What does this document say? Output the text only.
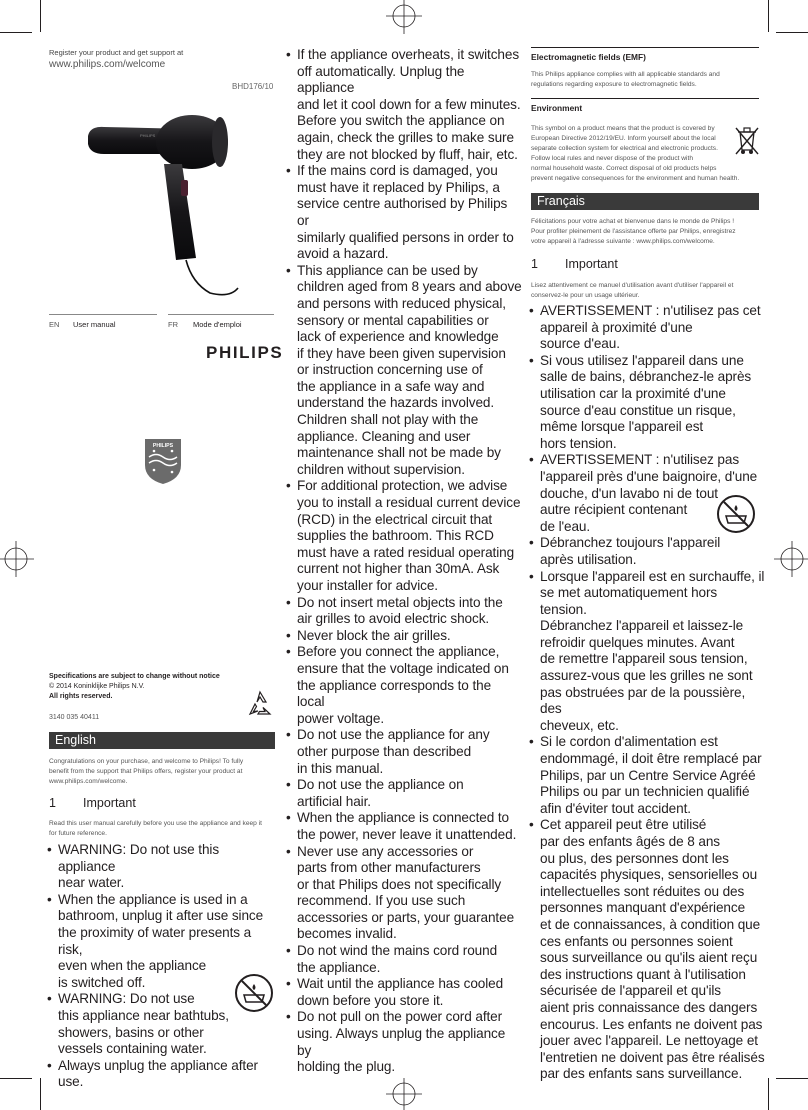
Register your product and get support at
www.philips.com/welcome
BHD176/10
PHILIPS
EN User manual	FR Mode d'emploi
PHILIPS
PHILIPS
Specifications are subject to change without notice
© 2014 Koninklijke Philips N.V.
All rights reserved.
3140 035 40411
English
Congratulations on your purchase, and welcome to Philips! To fully
benefit from the support that Philips offers, register your product at
www.philips.com/welcome.
1 Important
Read this user manual carefully before you use the appliance and keep it
for future reference.
• WARNING: Do not use this appliance
near water.
• When the appliance is used in a
bathroom, unplug it after use since
the proximity of water presents a risk,
even when the appliance
is switched off.
• WARNING: Do not use
this appliance near bathtubs,
showers, basins or other
vessels containing water.
• Always unplug the appliance after use.
• If the appliance overheats, it switches
off automatically. Unplug the appliance
and let it cool down for a few minutes.
Before you switch the appliance on
again, check the grilles to make sure
they are not blocked by fluff, hair, etc.
• If the mains cord is damaged, you
must have it replaced by Philips, a
service centre authorised by Philips or
similarly qualified persons in order to
avoid a hazard.
• This appliance can be used by
children aged from 8 years and above
and persons with reduced physical,
sensory or mental capabilities or
lack of experience and knowledge
if they have been given supervision
or instruction concerning use of
the appliance in a safe way and
understand the hazards involved.
Children shall not play with the
appliance. Cleaning and user
maintenance shall not be made by
children without supervision.
• For additional protection, we advise
you to install a residual current device
(RCD) in the electrical circuit that
supplies the bathroom. This RCD
must have a rated residual operating
current not higher than 30mA. Ask
your installer for advice.
• Do not insert metal objects into the
air grilles to avoid electric shock.
• Never block the air grilles.
• Before you connect the appliance,
ensure that the voltage indicated on
the appliance corresponds to the local
power voltage.
• Do not use the appliance for any
other purpose than described
in this manual.
• Do not use the appliance on
artificial hair.
• When the appliance is connected to
the power, never leave it unattended.
• Never use any accessories or
parts from other manufacturers
or that Philips does not specifically
recommend. If you use such
accessories or parts, your guarantee
becomes invalid.
• Do not wind the mains cord round
the appliance.
• Wait until the appliance has cooled
down before you store it.
• Do not pull on the power cord after
using. Always unplug the appliance by
holding the plug.
Electromagnetic fields (EMF)
This Philips appliance complies with all applicable standards and
regulations regarding exposure to electromagnetic fields.
Environment
This symbol on a product means that the product is covered by
European Directive 2012/19/EU. Inform yourself about the local
separate collection system for electrical and electronic products.
Follow local rules and never dispose of the product with
normal household waste. Correct disposal of old products helps
prevent negative consequences for the environment and human health.
Français
Félicitations pour votre achat et bienvenue dans le monde de Philips !
Pour profiter pleinement de l'assistance offerte par Philips, enregistrez
votre appareil à l'adresse suivante : www.philips.com/welcome.
1 Important
Lisez attentivement ce manuel d'utilisation avant d'utiliser l'appareil et
conservez-le pour un usage ultérieur.
• AVERTISSEMENT : n'utilisez pas cet
appareil à proximité d'une
source d'eau.
• Si vous utilisez l'appareil dans une
salle de bains, débranchez-le après
utilisation car la proximité d'une
source d'eau constitue un risque,
même lorsque l'appareil est
hors tension.
• AVERTISSEMENT : n'utilisez pas
l'appareil près d'une baignoire, d'une
douche, d'un lavabo ni de tout
autre récipient contenant
de l'eau.
• Débranchez toujours l'appareil
après utilisation.
• Lorsque l'appareil est en surchauffe, il
se met automatiquement hors tension.
Débranchez l'appareil et laissez-le
refroidir quelques minutes. Avant
de remettre l'appareil sous tension,
assurez-vous que les grilles ne sont
pas obstruées par de la poussière, des
cheveux, etc.
• Si le cordon d'alimentation est
endommagé, il doit être remplacé par
Philips, par un Centre Service Agréé
Philips ou par un technicien qualifié
afin d'éviter tout accident.
• Cet appareil peut être utilisé
par des enfants âgés de 8 ans
ou plus, des personnes dont les
capacités physiques, sensorielles ou
intellectuelles sont réduites ou des
personnes manquant d'expérience
et de connaissances, à condition que
ces enfants ou personnes soient
sous surveillance ou qu'ils aient reçu
des instructions quant à l'utilisation
sécurisée de l'appareil et qu'ils
aient pris connaissance des dangers
encourus. Les enfants ne doivent pas
jouer avec l'appareil. Le nettoyage et
l'entretien ne doivent pas être réalisés
par des enfants sans surveillance.
